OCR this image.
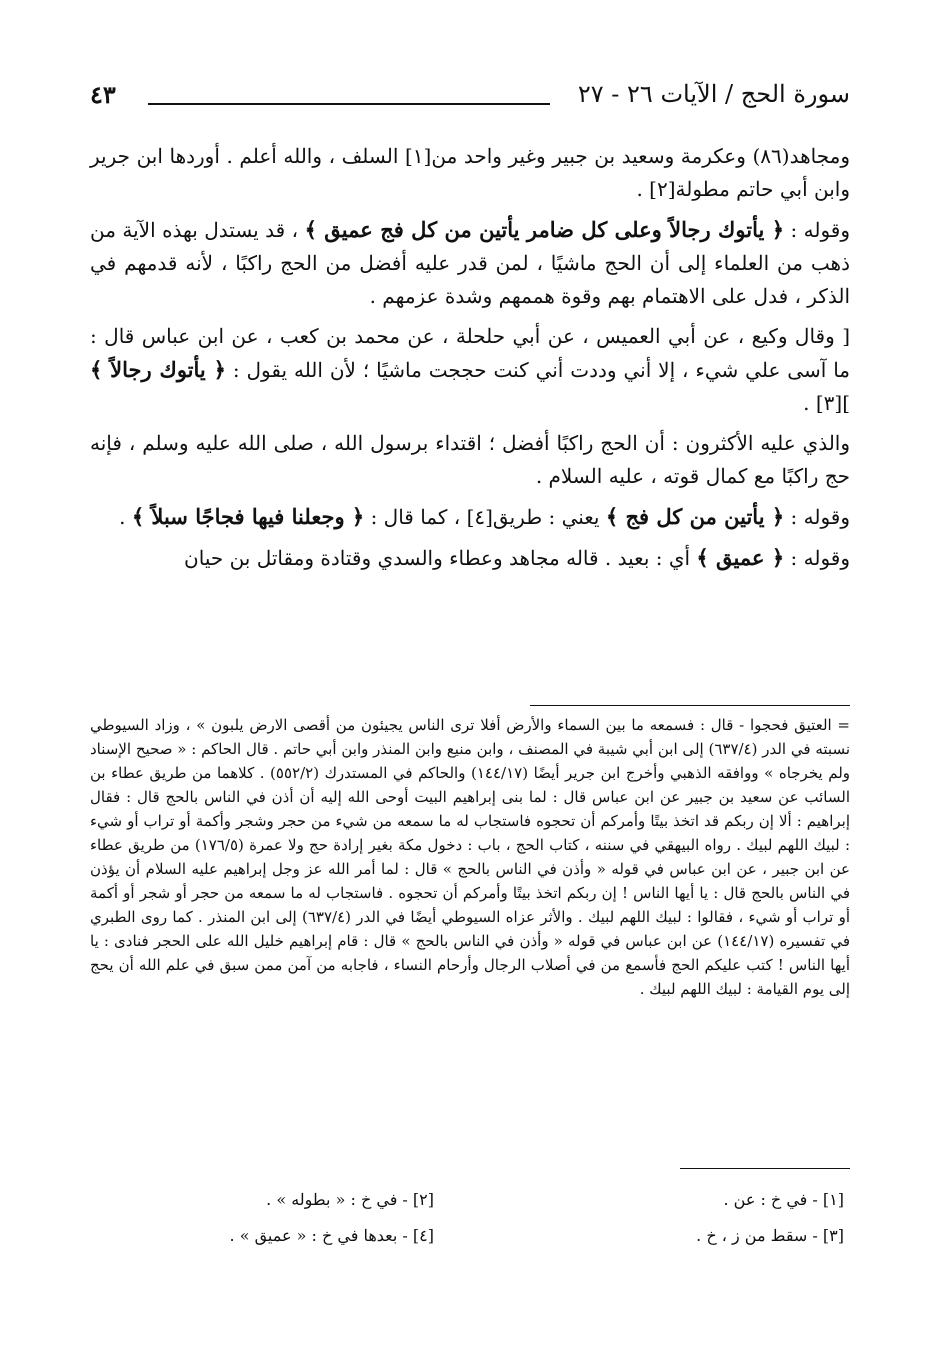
سورة الحج / الآيات ٢٦ - ٢٧
٤٣

ومجاهد(٨٦) وعكرمة وسعيد بن جبير وغير واحد من[١] السلف ، والله أعلم . أوردها ابن جرير وابن أبي حاتم مطولة[٢] .

وقوله : ﴿ يأتوك رجالاً وعلى كل ضامر يأتين من كل فج عميق ﴾ ، قد يستدل بهذه الآية من ذهب من العلماء إلى أن الحج ماشيًا ، لمن قدر عليه أفضل من الحج راكبًا ، لأنه قدمهم في الذكر ، فدل على الاهتمام بهم وقوة هممهم وشدة عزمهم .

[ وقال وكيع ، عن أبي العميس ، عن أبي حلحلة ، عن محمد بن كعب ، عن ابن عباس قال : ما آسى علي شيء ، إلا أني وددت أني كنت حججت ماشيًا ؛ لأن الله يقول : ﴿ يأتوك رجالاً ﴾ ][٣] .

والذي عليه الأكثرون : أن الحج راكبًا أفضل ؛ اقتداء برسول الله ، صلى الله عليه وسلم ، فإنه حج راكبًا مع كمال قوته ، عليه السلام .

وقوله : ﴿ يأتين من كل فج ﴾ يعني : طريق[٤] ، كما قال : ﴿ وجعلنا فيها فجاجًا سبلاً ﴾ .

وقوله : ﴿ عميق ﴾ أي : بعيد . قاله مجاهد وعطاء والسدي وقتادة ومقاتل بن حيان

= العتيق فحجوا - قال : فسمعه ما بين السماء والأرض أفلا ترى الناس يجيئون من أقصى الارض يلبون » ، وزاد السيوطي نسبته في الدر (٦٣٧/٤) إلى ابن أبي شيبة في المصنف ، وابن منيع وابن المنذر وابن أبي حاتم . قال الحاكم : « صحيح الإسناد ولم يخرجاه » ووافقه الذهبي وأخرج ابن جرير أيضًا (١٤٤/١٧) والحاكم في المستدرك (٥٥٢/٢) . كلاهما من طريق عطاء بن السائب عن سعيد بن جبير عن ابن عباس قال : لما بنى إبراهيم البيت أوحى الله إليه أن أذن في الناس بالحج قال : فقال إبراهيم : ألا إن ربكم قد اتخذ بيتًا وأمركم أن تحجوه فاستجاب له ما سمعه من شيء من حجر وشجر وأكمة أو تراب أو شيء : لبيك اللهم لبيك . رواه البيهقي في سننه ، كتاب الحج ، باب : دخول مكة بغير إرادة حج ولا عمرة (١٧٦/٥) من طريق عطاء عن ابن جبير ، عن ابن عباس في قوله « وأذن في الناس بالحج » قال : لما أمر الله عز وجل إبراهيم عليه السلام أن يؤذن في الناس بالحج قال : يا أيها الناس ! إن ربكم اتخذ بيتًا وأمركم أن تحجوه . فاستجاب له ما سمعه من حجر أو شجر أو أكمة أو تراب أو شيء ، فقالوا : لبيك اللهم لبيك . والأثر عزاه السيوطي أيضًا في الدر (٦٣٧/٤) إلى ابن المنذر . كما روى الطبري في تفسيره (١٤٤/١٧) عن ابن عباس في قوله « وأذن في الناس بالحج » قال : قام إبراهيم خليل الله على الحجر فنادى : يا أيها الناس ! كتب عليكم الحج فأسمع من في أصلاب الرجال وأرحام النساء ، فاجابه من آمن ممن سبق في علم الله أن يحج إلى يوم القيامة : لبيك اللهم لبيك .

[١] - في خ : عن .
[٢] - في خ : « بطوله » .
[٣] - سقط من ز ، خ .
[٤] - بعدها في خ : « عميق » .
